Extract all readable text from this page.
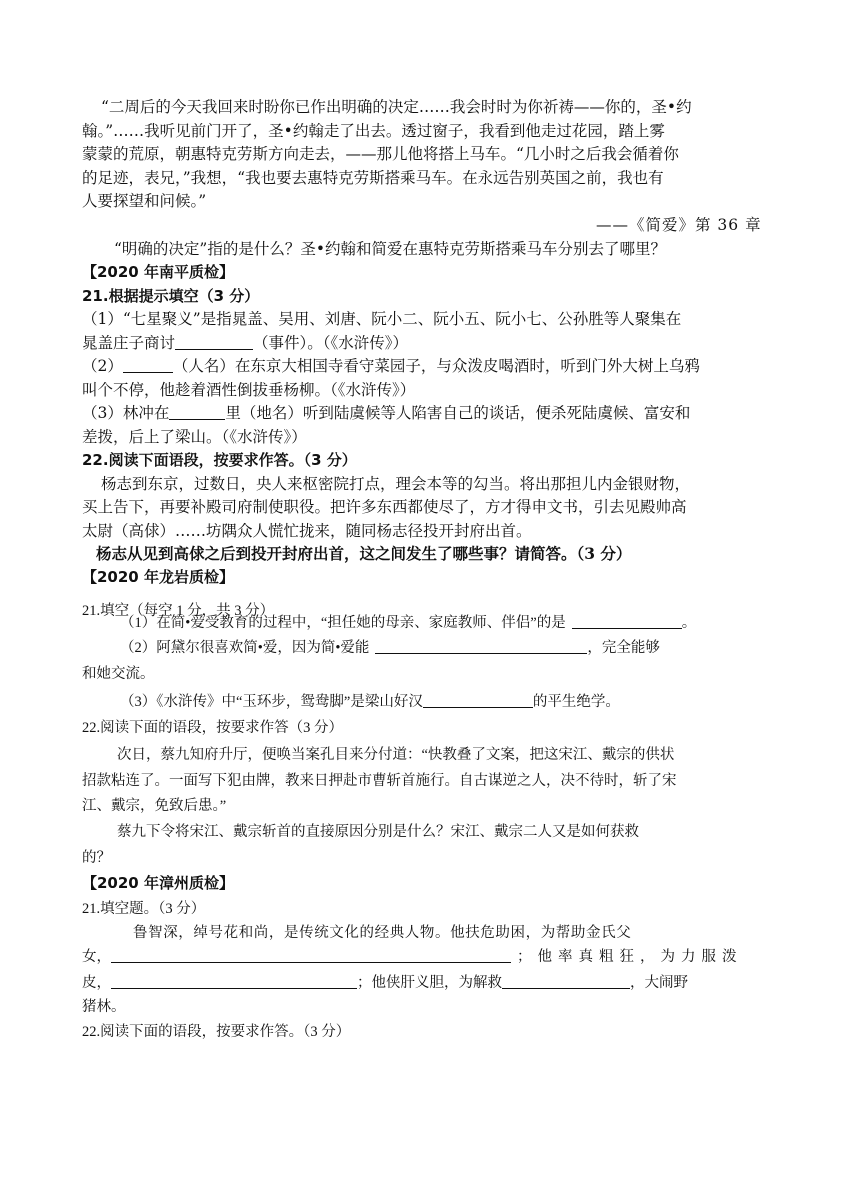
“二周后的今天我回来时盼你已作出明确的决定……我会时时为你祈祷——你的，圣•约
翰。”……我听见前门开了，圣•约翰走了出去。透过窗子，我看到他走过花园，踏上雾
蒙蒙的荒原，朝惠特克劳斯方向走去，——那儿他将搭上马车。“几小时之后我会循着你
的足迹，表兄，”我想，“我也要去惠特克劳斯搭乘马车。在永远告别英国之前，我也有
人要探望和问候。”
——《简爱》第 36 章
“明确的决定”指的是什么？圣•约翰和简爱在惠特克劳斯搭乘马车分别去了哪里？
【2020 年南平质检】
21.根据提示填空（3 分）
（1）“七星聚义”是指晁盖、吴用、刘唐、阮小二、阮小五、阮小七、公孙胜等人聚集在
晁盖庄子商讨	（事件）。（《水浒传》）
（2）	（人名）在东京大相国寺看守菜园子，与众泼皮喝酒时，听到门外大树上乌鸦
叫个不停，他趁着酒性倒拔垂杨柳。（《水浒传》）
（3）林冲在	里（地名）听到陆虞候等人陷害自己的谈话，便杀死陆虞候、富安和
差拨，后上了梁山。（《水浒传》）
22.阅读下面语段，按要求作答。（3 分）
杨志到东京，过数日，央人来枢密院打点，理会本等的勾当。将出那担儿内金银财物，
买上告下，再要补殿司府制使职役。把许多东西都使尽了，方才得申文书，引去见殿帅高
太尉（高俅）……坊隅众人慌忙拢来，随同杨志径投开封府出首。
杨志从见到高俅之后到投开封府出首，这之间发生了哪些事？请简答。（3 分）
【2020 年龙岩质检】
21.填空（每空 1 分，共 3 分）
（1）在简•爱受教育的过程中，“担任她的母亲、家庭教师、伴侣”的是	。
（2）阿黛尔很喜欢简•爱，因为简•爱能	，完全能够
和她交流。
（3）《水浒传》中“玉环步，鸳鸯脚”是梁山好汉	的平生绝学。
22.阅读下面的语段，按要求作答（3 分）
次日，蔡九知府升厅，便唤当案孔目来分付道：“快教叠了文案，把这宋江、戴宗的供状
招款粘连了。一面写下犯由牌，教来日押赴市曹斩首施行。自古谋逆之人，决不待时，斩了宋
江、戴宗，免致后患。”
蔡九下令将宋江、戴宗斩首的直接原因分别是什么？宋江、戴宗二人又是如何获救
的？
【2020 年漳州质检】
21.填空题。（3 分）
鲁智深，绰号花和尚，是传统文化的经典人物。他扶危助困，为帮助金氏父
女，	；他率真粗狂，为力服泼
皮，	；他侠肝义胆，为解救	，大闹野
猪林。
22.阅读下面的语段，按要求作答。（3 分）
